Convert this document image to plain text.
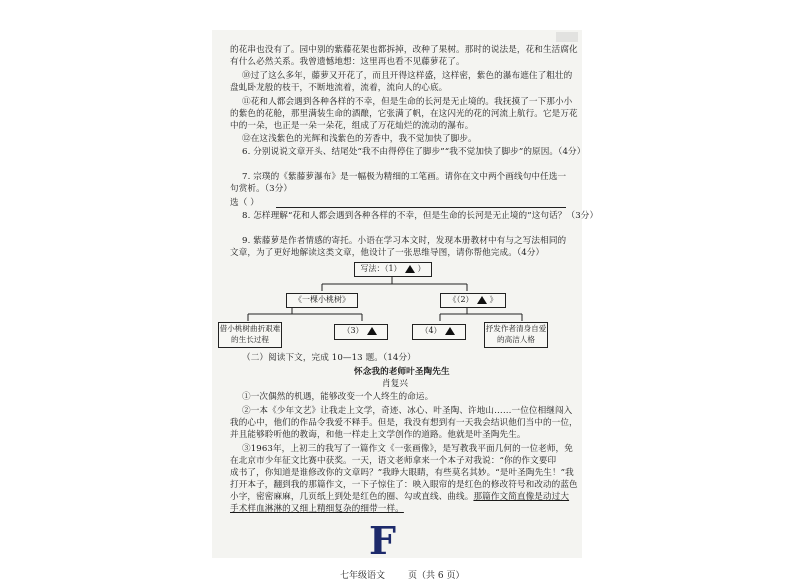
的花串也没有了。园中别的紫藤花架也都拆掉，改种了果树。那时的说法是，花和生活腐化
有什么必然关系。我曾遗憾地想：这里再也看不见藤萝花了。
⑩过了这么多年，藤萝又开花了，而且开得这样盛，这样密，紫色的瀑布遮住了粗壮的
盘虬卧龙般的枝干，不断地流着，流着，流向人的心底。
⑪花和人都会遇到各种各样的不幸，但是生命的长河是无止境的。我抚摸了一下那小小
的紫色的花舱，那里满装生命的酒酿，它张满了帆，在这闪光的花的河流上航行。它是万花
中的一朵，也正是一朵一朵花，组成了万花灿烂的流动的瀑布。
⑫在这浅紫色的光辉和浅紫色的芳香中，我不觉加快了脚步。
6. 分别说说文章开头、结尾处“我不由得停住了脚步”“我不觉加快了脚步”的原因。（4分）
7. 宗璞的《紫藤萝瀑布》是一幅极为精细的工笔画。请你在文中两个画线句中任选一
句赏析。（3分）
选（ ）
8. 怎样理解“花和人都会遇到各种各样的不幸，但是生命的长河是无止境的”这句话？（3分）
9. 紫藤萝是作者情感的寄托。小语在学习本文时，发现本册教材中有与之写法相同的
文章，为了更好地解读这类文章，他设计了一张思维导图，请你帮他完成。（4分）
写法：（1） ）
《一棵小桃树》	《（2） 》
借小桃树曲折艰难的生长过程
（3）	（4）	抒发作者清身自爱的高洁人格
（二）阅读下文，完成 10—13 题。（14分）
怀念我的老师叶圣陶先生
肖复兴
①一次偶然的机遇，能够改变一个人终生的命运。
②一本《少年文艺》让我走上文学，奇迹、冰心、叶圣陶、许地山……一位位相继闯入
我的心中，他们的作品令我爱不释手。但是，我没有想到有一天我会结识他们当中的一位，
并且能够聆听他的教诲，和他一样走上文学创作的道路。他就是叶圣陶先生。
③1963年，上初三的我写了一篇作文《一张画像》，是写教我平面几何的一位老师，免
在北京市少年征文比赛中获奖。一天，语文老师拿来一个本子对我说：“你的作文要印
成书了，你知道是谁修改你的文章吗？”我睁大眼睛，有些莫名其妙。“是叶圣陶先生！”我
打开本子，翻到我的那篇作文，一下子惊住了：映入眼帘的是红色的修改符号和改动的蓝色
小字，密密麻麻，几页纸上到处是红色的圈、勾或直线、曲线。那篇作文简直像是动过大
手术样血淋淋的又细上精细复杂的细带一样。
七年级语文	页（共 6 页）
F
